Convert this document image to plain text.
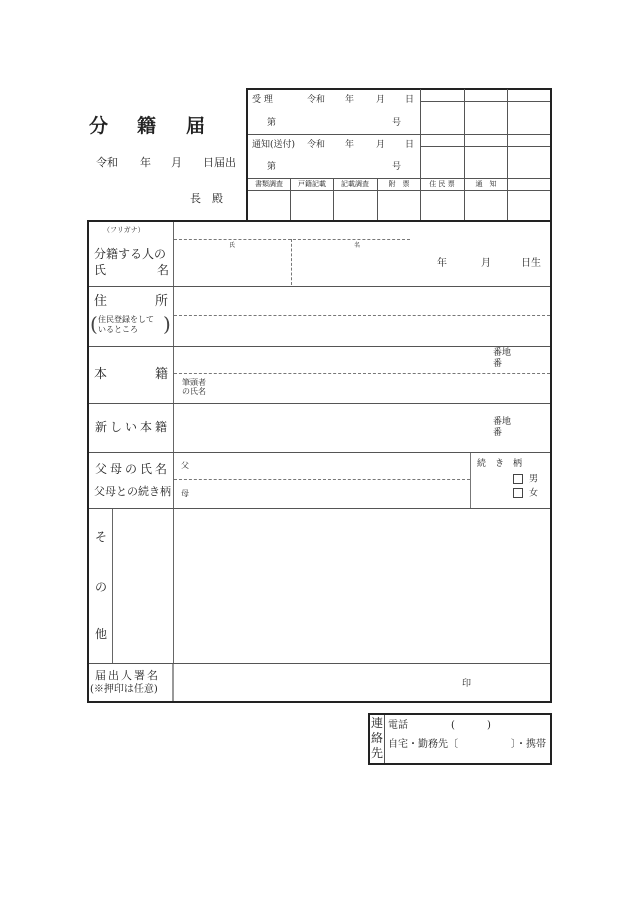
分 籍 届
令和 年 月 日届出
長 殿
受 理	令和 年 月 日
第	号
通知(送付) 令和 年 月 日
第	号
書類調査	戸籍記載	記載調査	附　票	住 民 票	通　知
（フリガナ）
分籍する人の
氏	名
氏	名
年	月	日生
住	所
( 住民登録をして
いるところ )
本	籍
番地
番
筆頭者
の氏名
新しい本籍	番地
番
父母の氏名
父母との続き柄
父
母
続　き　柄
男
女
そ
の
他
届出人署名
(※押印は任意)	印
連
絡
先
電話	(	)
自宅・勤務先〔	〕・携帯
